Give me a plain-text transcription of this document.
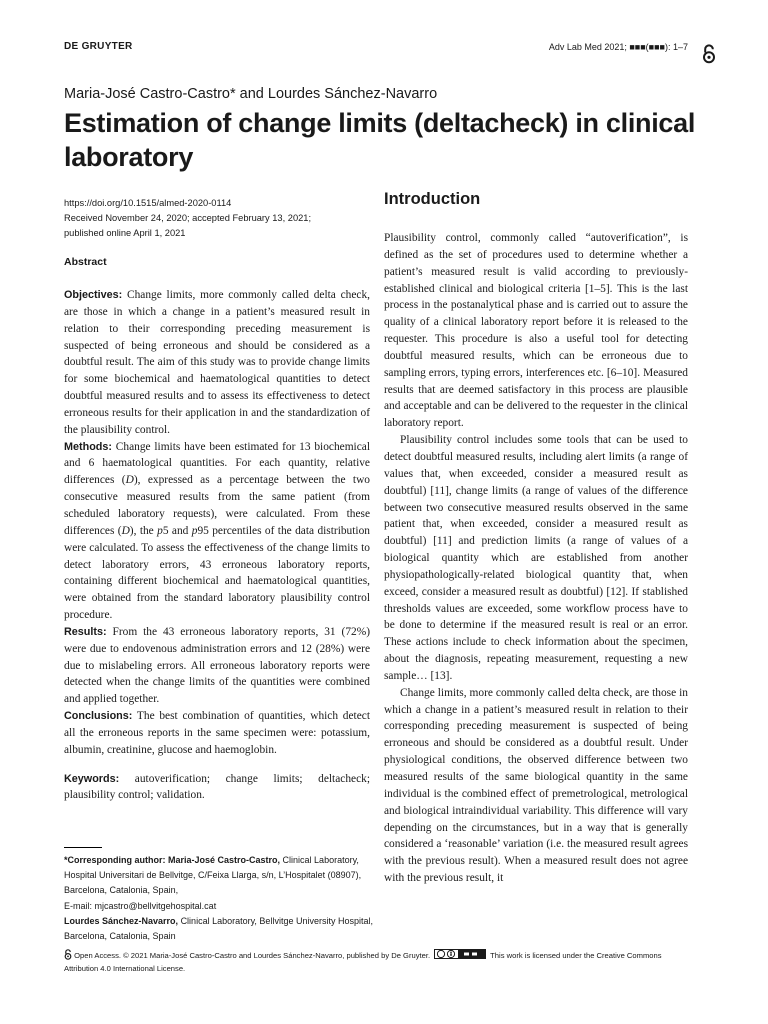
DE GRUYTER	Adv Lab Med 2021; ■■■(■■■): 1–7
Maria-José Castro-Castro* and Lourdes Sánchez-Navarro
Estimation of change limits (deltacheck) in clinical laboratory
https://doi.org/10.1515/almed-2020-0114
Received November 24, 2020; accepted February 13, 2021;
published online April 1, 2021
Abstract

Objectives: Change limits, more commonly called delta check, are those in which a change in a patient’s measured result in relation to their corresponding preceding measurement is suspected of being erroneous and should be considered as a doubtful result. The aim of this study was to provide change limits for some biochemical and haematological quantities to detect doubtful measured results and to assess its effectiveness to detect erroneous results for their application in and the standardization of the plausibility control.

Methods: Change limits have been estimated for 13 biochemical and 6 haematological quantities. For each quantity, relative differences (D), expressed as a percentage between the two consecutive measured results from the same patient (from scheduled laboratory requests), were calculated. From these differences (D), the p5 and p95 percentiles of the data distribution were calculated. To assess the effectiveness of the change limits to detect laboratory errors, 43 erroneous laboratory reports, containing different biochemical and haematological quantities, were obtained from the standard laboratory plausibility control procedure.

Results: From the 43 erroneous laboratory reports, 31 (72%) were due to endovenous administration errors and 12 (28%) were due to mislabeling errors. All erroneous laboratory reports were detected when the change limits of the quantities were combined and applied together.

Conclusions: The best combination of quantities, which detect all the erroneous reports in the same specimen were: potassium, albumin, creatinine, glucose and haemoglobin.

Keywords: autoverification; change limits; deltacheck; plausibility control; validation.

*Corresponding author: Maria-José Castro-Castro, Clinical Laboratory, Hospital Universitari de Bellvitge, C/Feixa Llarga, s/n, L’Hospitalet (08907), Barcelona, Catalonia, Spain,

E-mail: mjcastro@bellvitgehospital.cat

Lourdes Sánchez-Navarro, Clinical Laboratory, Bellvitge University Hospital, Barcelona, Catalonia, Spain

Introduction

Plausibility control, commonly called “autoverification”, is defined as the set of procedures used to determine whether a patient’s measured result is valid according to previously-established clinical and biological criteria [1–5]. This is the last process in the postanalytical phase and is carried out to assure the quality of a clinical laboratory report before it is released to the requester. This procedure is also a useful tool for detecting doubtful measured results, which can be erroneous due to sampling errors, typing errors, interferences etc. [6–10]. Measured results that are deemed satisfactory in this process are plausible and acceptable and can be delivered to the requester in the clinical laboratory report.

Plausibility control includes some tools that can be used to detect doubtful measured results, including alert limits (a range of values that, when exceeded, consider a measured result as doubtful) [11], change limits (a range of values of the difference between two consecutive measured results observed in the same patient that, when exceeded, consider a measured result as doubtful) [11] and prediction limits (a range of values of a biological quantity which are established from another physiopathologically-related biological quantity that, when exceed, consider a measured result as doubtful) [12]. If stablished thresholds values are exceeded, some workflow process have to be done to determine if the measured result is real or an error. These actions include to check information about the specimen, about the diagnosis, repeating measurement, requesting a new sample… [13].

Change limits, more commonly called delta check, are those in which a change in a patient’s measured result in relation to their corresponding preceding measurement is suspected of being erroneous and should be considered as a doubtful result. Under physiological conditions, the observed difference between two measured results of the same biological quantity in the same individual is the combined effect of premetrological, metrological and biological intraindividual variability. This difference will vary depending on the circumstances, but in a way that is generally considered a ‘reasonable’ variation (i.e. the measured result agrees with the previous result). When a measured result does not agree with the previous result, it

Open Access. © 2021 Maria-José Castro-Castro and Lourdes Sánchez-Navarro, published by De Gruyter.	This work is licensed under the Creative Commons Attribution 4.0 International License.
